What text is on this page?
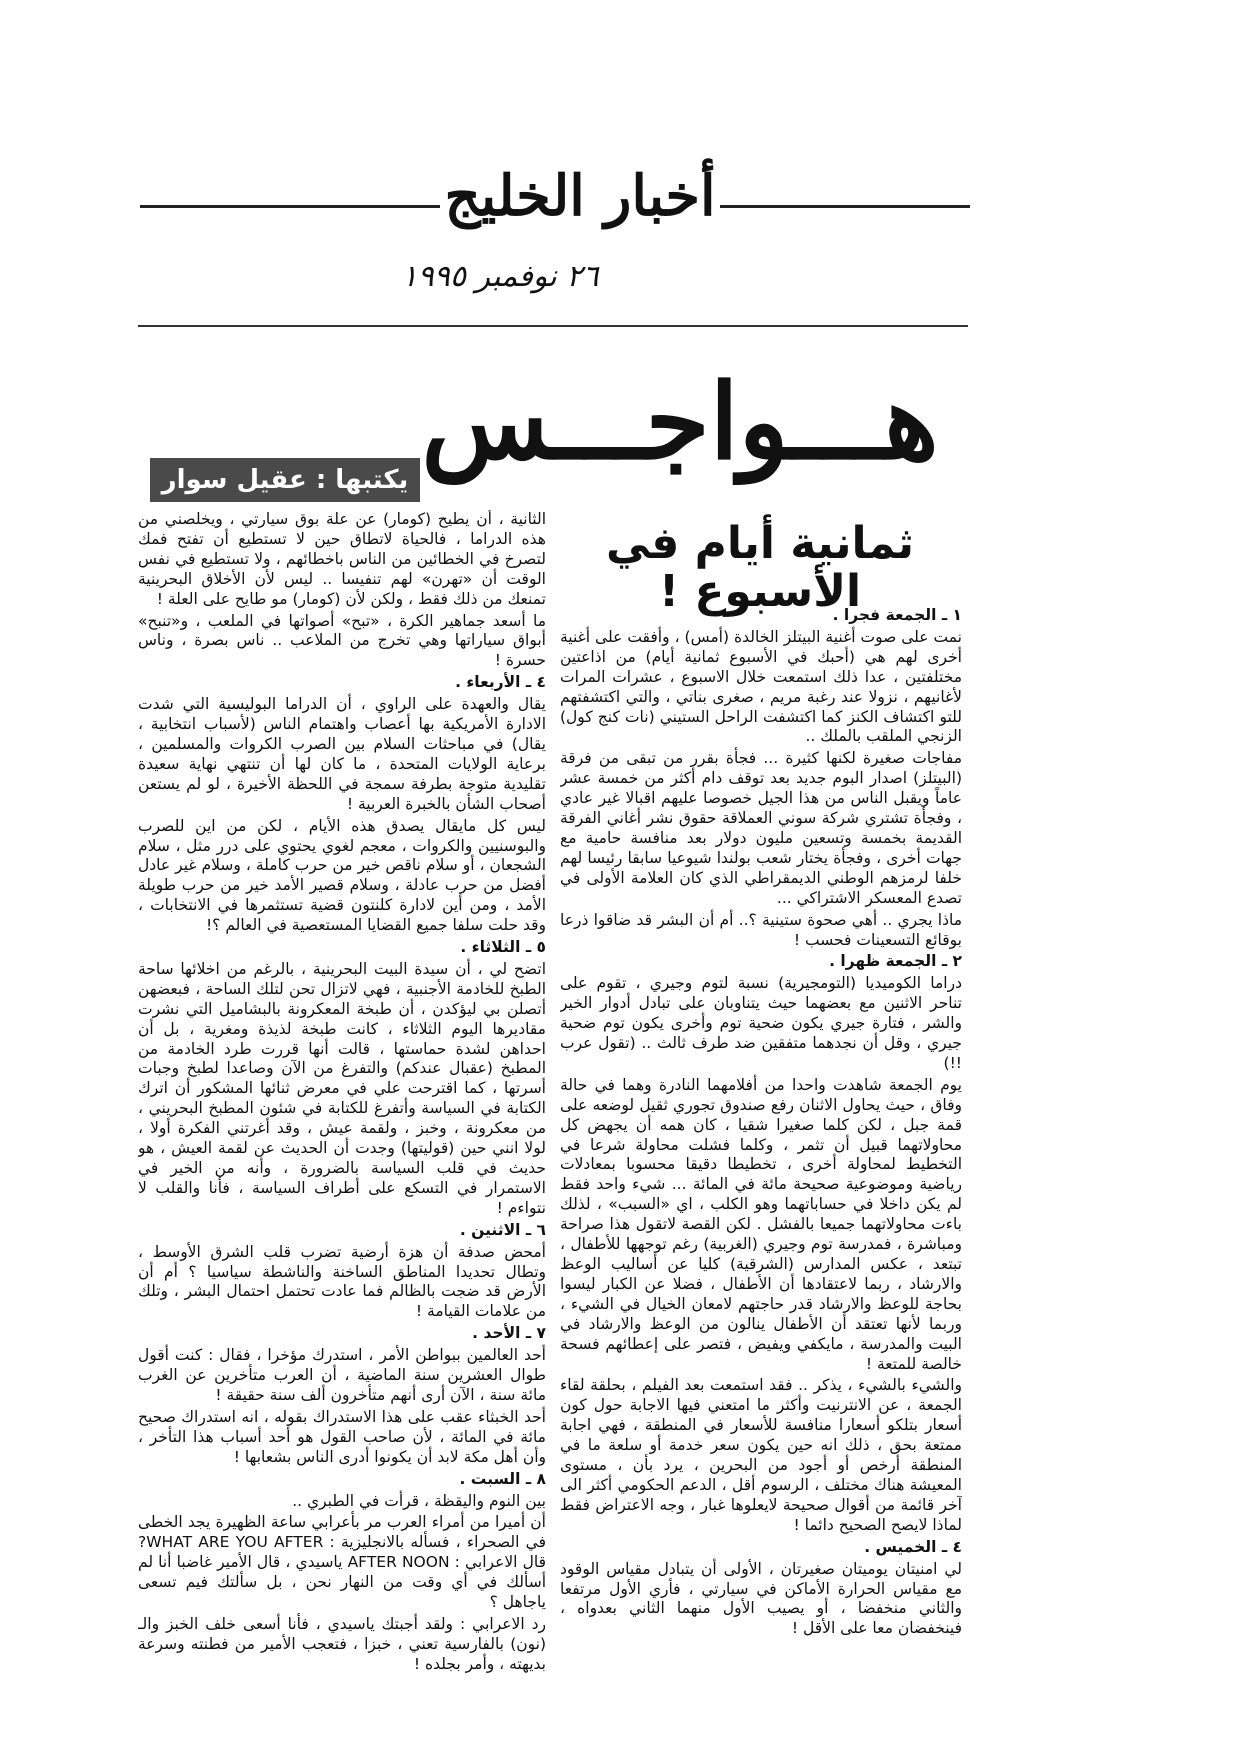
أخبار الخليج
٢٦ نوفمبر ١٩٩٥
هـــواجـــس
يكتبها : عقيل سوار
ثمانية أيام في الأسبوع !

١ ـ الجمعة فجرا .

نمت على صوت أغنية البيتلز الخالدة (أمس) ، وأفقت على أغنية أخرى لهم هي (أحبك في الأسبوع ثمانية أيام) من اذاعتين مختلفتين ، عدا ذلك استمعت خلال الاسبوع ، عشرات المرات لأغانيهم ، نزولا عند رغبة مريم ، صغرى بناتي ، والتي اكتشفتهم للتو اكتشاف الكنز كما اكتشفت الراحل الستيني (نات كنج كول) الزنجي الملقب بالملك ..

مفاجات صغيرة لكنها كثيرة ... فجأة بقرر من تبقى من فرقة (البيتلز) اصدار البوم جديد بعد توقف دام أكثر من خمسة عشر عاماً ويقبل الناس من هذا الجيل خصوصا عليهم اقبالا غير عادي ، وفجأة تشتري شركة سوني العملاقة حقوق نشر أغاني الفرقة القديمة بخمسة وتسعين مليون دولار بعد منافسة حامية مع جهات أخرى ، وفجأة يختار شعب بولندا شيوعيا سابقا رئيسا لهم خلفا لرمزهم الوطني الديمقراطي الذي كان العلامة الأولى في تصدع المعسكر الاشتراكي ...

ماذا يجري .. أهي صحوة ستينية ؟.. أم أن البشر قد ضاقوا ذرعا بوقائع التسعينات فحسب !

٢ ـ الجمعة ظهرا .

دراما الكوميديا (التومجيرية) نسبة لتوم وجيري ، تقوم على تناحر الاثنين مع بعضهما حيث يتناوبان على تبادل أدوار الخير والشر ، فتارة جيري يكون ضحية توم وأخرى يكون توم ضحية جيري ، وقل أن نجدهما متفقين ضد طرف ثالث .. (تقول عرب !!)

يوم الجمعة شاهدت واحدا من أفلامهما النادرة وهما في حالة وفاق ، حيث يحاول الاثنان رفع صندوق تجوري ثقيل لوضعه على قمة جبل ، لكن كلما صغيرا شقيا ، كان همه أن يجهض كل محاولاتهما قبيل أن تثمر ، وكلما فشلت محاولة شرعا في التخطيط لمحاولة أخرى ، تخطيطا دقيقا محسوبا بمعادلات رياضية وموضوعية صحيحة مائة في المائة ... شيء واحد فقط لم يكن داخلا في حساباتهما وهو الكلب ، اي «السبب» ، لذلك باءت محاولاتهما جميعا بالفشل . لكن القصة لاتقول هذا صراحة ومباشرة ، فمدرسة توم وجيري (الغربية) رغم توجهها للأطفال ، تبتعد ، عكس المدارس (الشرقية) كليا عن أساليب الوعظ والارشاد ، ربما لاعتقادها أن الأطفال ، فضلا عن الكبار ليسوا بحاجة للوعظ والارشاد قدر حاجتهم لامعان الخيال في الشيء ، وربما لأنها تعتقد أن الأطفال ينالون من الوعظ والارشاد في البيت والمدرسة ، مايكفي ويفيض ، فتصر على إعطائهم فسحة خالصة للمتعة !

والشيء بالشيء ، يذكر .. فقد استمعت بعد الفيلم ، بحلقة لقاء الجمعة ، عن الانترنيت وأكثر ما امتعني فيها الاجابة حول كون أسعار بتلكو أسعارا منافسة للأسعار في المنطقة ، فهي اجابة ممتعة بحق ، ذلك انه حين يكون سعر خدمة أو سلعة ما في المنطقة أرخص أو أجود من البحرين ، يرد بأن ، مستوى المعيشة هناك مختلف ، الرسوم أقل ، الدعم الحكومي أكثر الى آخر قائمة من أقوال صحيحة لايعلوها غبار ، وجه الاعتراض فقط لماذا لايصح الصحيح دائما !

٤ ـ الخميس .

لي امنيتان يوميتان صغيرتان ، الأولى أن يتبادل مقياس الوقود مع مقياس الحرارة الأماكن في سيارتي ، فأري الأول مرتفعا والثاني منخفضا ، أو يصيب الأول منهما الثاني بعدواه ، فينخفضان معا على الأقل !

الثانية ، أن يطيح (كومار) عن علة بوق سيارتي ، ويخلصني من هذه الدراما ، فالحياة لاتطاق حين لا تستطيع أن تفتح فمك لتصرخ في الخطائين من الناس باخطائهم ، ولا تستطيع في نفس الوقت أن «تهرن» لهم تنفيسا .. ليس لأن الأخلاق البحرينية تمنعك من ذلك فقط ، ولكن لأن (كومار) مو طايح على العلة !

ما أسعد جماهير الكرة ، «تبح» أصواتها في الملعب ، و«تنبح» أبواق سياراتها وهي تخرج من الملاعب .. ناس بصرة ، وناس حسرة !

٤ ـ الأربعاء .

يقال والعهدة على الراوي ، أن الدراما البوليسية التي شدت الادارة الأمريكية بها أعصاب واهتمام الناس (لأسباب انتخابية ، يقال) في مباحثات السلام بين الصرب الكروات والمسلمين ، برعاية الولايات المتحدة ، ما كان لها أن تنتهي نهاية سعيدة تقليدية متوجة بطرفة سمجة في اللحظة الأخيرة ، لو لم يستعن أصحاب الشأن بالخبرة العربية !

ليس كل مايقال يصدق هذه الأيام ، لكن من اين للصرب والبوسنيين والكروات ، معجم لغوي يحتوي على درر مثل ، سلام الشجعان ، أو سلام ناقص خير من حرب كاملة ، وسلام غير عادل أفضل من حرب عادلة ، وسلام قصير الأمد خير من حرب طويلة الأمد ، ومن أين لادارة كلنتون قضية تستثمرها في الانتخابات ، وقد حلت سلفا جميع القضايا المستعصية في العالم ؟!

٥ ـ الثلاثاء .

اتضح لي ، أن سيدة البيت البحرينية ، بالرغم من اخلائها ساحة الطبخ للخادمة الأجنبية ، فهي لاتزال تحن لتلك الساحة ، فبعضهن أتصلن بي ليؤكدن ، أن طبخة المعكرونة بالبشاميل التي نشرت مقاديرها اليوم الثلاثاء ، كانت طبخة لذيذة ومغرية ، بل أن احداهن لشدة حماستها ، قالت أنها قررت طرد الخادمة من المطبخ (عقبال عندكم) والتفرغ من الآن وصاعدا لطبخ وجبات أسرتها ، كما اقترحت علي في معرض ثنائها المشكور أن اترك الكتابة في السياسة وأتفرغ للكتابة في شئون المطبخ البحريني ، من معكرونة ، وخبز ، ولقمة عيش ، وقد أغرتني الفكرة أولا ، لولا انني حين (قوليتها) وجدت أن الحديث عن لقمة العيش ، هو حديث في قلب السياسة بالضرورة ، وأنه من الخير في الاستمرار في التسكع على أطراف السياسة ، فأنا والقلب لا نتواءم !

٦ ـ الاثنين .

أمحض صدفة أن هزة أرضية تضرب قلب الشرق الأوسط ، وتطال تحديدا المناطق الساخنة والناشطة سياسيا ؟ أم أن الأرض قد ضجت بالظالم فما عادت تحتمل احتمال البشر ، وتلك من علامات القيامة !

٧ ـ الأحد .

أحد العالمين ببواطن الأمر ، استدرك مؤخرا ، فقال : كنت أقول طوال العشرين سنة الماضية ، أن العرب متأخرين عن الغرب مائة سنة ، الآن أرى أنهم متأخرون ألف سنة حقيقة !

أحد الخبثاء عقب على هذا الاستدراك بقوله ، انه استدراك صحيح مائة في المائة ، لأن صاحب القول هو أحد أسباب هذا التأخر ، وأن أهل مكة لابد أن يكونوا أدرى الناس بشعابها !

٨ ـ السبت .

بين النوم واليقظة ، قرأت في الطبري ..

أن أميرا من أمراء العرب مر بأعرابي ساعة الظهيرة يجد الخطى في الصحراء ، فسأله بالانجليزية : WHAT ARE YOU AFTER? قال الاعرابي : AFTER NOON ياسيدي ، قال الأمير غاضبا أنا لم أسألك في أي وقت من النهار نحن ، بل سألتك فيم تسعى ياجاهل ؟

رد الاعرابي : ولقد أجبتك ياسيدي ، فأنا أسعى خلف الخبز والـ (نون) بالفارسية تعني ، خبزا ، فتعجب الأمير من فطنته وسرعة بديهته ، وأمر بجلده !
